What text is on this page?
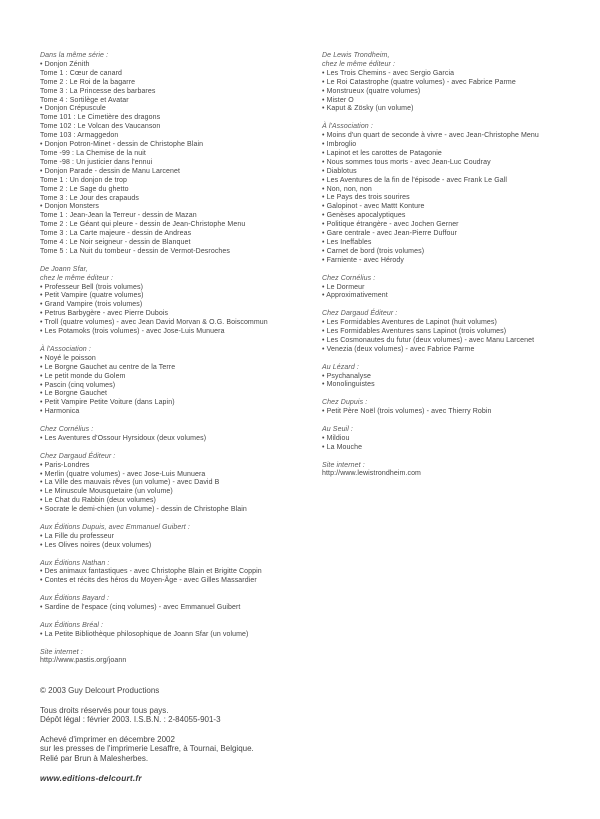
Dans la même série :
• Donjon Zénith
Tome 1 : Cœur de canard
Tome 2 : Le Roi de la bagarre
Tome 3 : La Princesse des barbares
Tome 4 : Sortilège et Avatar
• Donjon Crépuscule
Tome 101 : Le Cimetière des dragons
Tome 102 : Le Volcan des Vaucanson
Tome 103 : Armaggedon
• Donjon Potron-Minet - dessin de Christophe Blain
Tome -99 : La Chemise de la nuit
Tome -98 : Un justicier dans l'ennui
• Donjon Parade - dessin de Manu Larcenet
Tome 1 : Un donjon de trop
Tome 2 : Le Sage du ghetto
Tome 3 : Le Jour des crapauds
• Donjon Monsters
Tome 1 : Jean-Jean la Terreur - dessin de Mazan
Tome 2 : Le Géant qui pleure - dessin de Jean-Christophe Menu
Tome 3 : La Carte majeure - dessin de Andreas
Tome 4 : Le Noir seigneur - dessin de Blanquet
Tome 5 : La Nuit du tombeur - dessin de Vermot-Desroches
De Joann Sfar,
chez le même éditeur :
• Professeur Bell (trois volumes)
• Petit Vampire (quatre volumes)
• Grand Vampire (trois volumes)
• Petrus Barbygère - avec Pierre Dubois
• Troll (quatre volumes) - avec Jean David Morvan & O.G. Boiscommun
• Les Potamoks (trois volumes) - avec Jose-Luis Munuera
À l'Association :
• Noyé le poisson
• Le Borgne Gauchet au centre de la Terre
• Le petit monde du Golem
• Pascin (cinq volumes)
• Le Borgne Gauchet
• Petit Vampire Petite Voiture (dans Lapin)
• Harmonica
Chez Cornélius :
• Les Aventures d'Ossour Hyrsidoux (deux volumes)
Chez Dargaud Éditeur :
• Paris-Londres
• Merlin (quatre volumes) - avec Jose-Luis Munuera
• La Ville des mauvais rêves (un volume) - avec David B
• Le Minuscule Mousquetaire (un volume)
• Le Chat du Rabbin (deux volumes)
• Socrate le demi-chien (un volume) - dessin de Christophe Blain
Aux Éditions Dupuis, avec Emmanuel Guibert :
• La Fille du professeur
• Les Olives noires (deux volumes)
Aux Éditions Nathan :
• Des animaux fantastiques - avec Christophe Blain et Brigitte Coppin
• Contes et récits des héros du Moyen-Âge - avec Gilles Massardier
Aux Éditions Bayard :
• Sardine de l'espace (cinq volumes) - avec Emmanuel Guibert
Aux Éditions Bréal :
• La Petite Bibliothèque philosophique de Joann Sfar (un volume)
Site internet :
http://www.pastis.org/joann
De Lewis Trondheim,
chez le même éditeur :
• Les Trois Chemins - avec Sergio Garcia
• Le Roi Catastrophe (quatre volumes) - avec Fabrice Parme
• Monstrueux (quatre volumes)
• Mister O
• Kaput & Zösky (un volume)
À l'Association :
• Moins d'un quart de seconde à vivre - avec Jean-Christophe Menu
• Imbroglio
• Lapinot et les carottes de Patagonie
• Nous sommes tous morts - avec Jean-Luc Coudray
• Diablotus
• Les Aventures de la fin de l'épisode - avec Frank Le Gall
• Non, non, non
• Le Pays des trois sourires
• Galopinot - avec Mattt Konture
• Genèses apocalyptiques
• Politique étrangère - avec Jochen Gerner
• Gare centrale - avec Jean-Pierre Duffour
• Les Ineffables
• Carnet de bord (trois volumes)
• Farniente - avec Hérody
Chez Cornélius :
• Le Dormeur
• Approximativement
Chez Dargaud Éditeur :
• Les Formidables Aventures de Lapinot (huit volumes)
• Les Formidables Aventures sans Lapinot (trois volumes)
• Les Cosmonautes du futur (deux volumes) - avec Manu Larcenet
• Venezia (deux volumes) - avec Fabrice Parme
Au Lézard :
• Psychanalyse
• Monolinguistes
Chez Dupuis :
• Petit Père Noël (trois volumes) - avec Thierry Robin
Au Seuil :
• Mildiou
• La Mouche
Site internet :
http://www.lewistrondheim.com
© 2003 Guy Delcourt Productions
Tous droits réservés pour tous pays.
Dépôt légal : février 2003. I.S.B.N. : 2-84055-901-3
Achevé d'imprimer en décembre 2002
sur les presses de l'imprimerie Lesaffre, à Tournai, Belgique.
Relié par Brun à Malesherbes.
www.editions-delcourt.fr
